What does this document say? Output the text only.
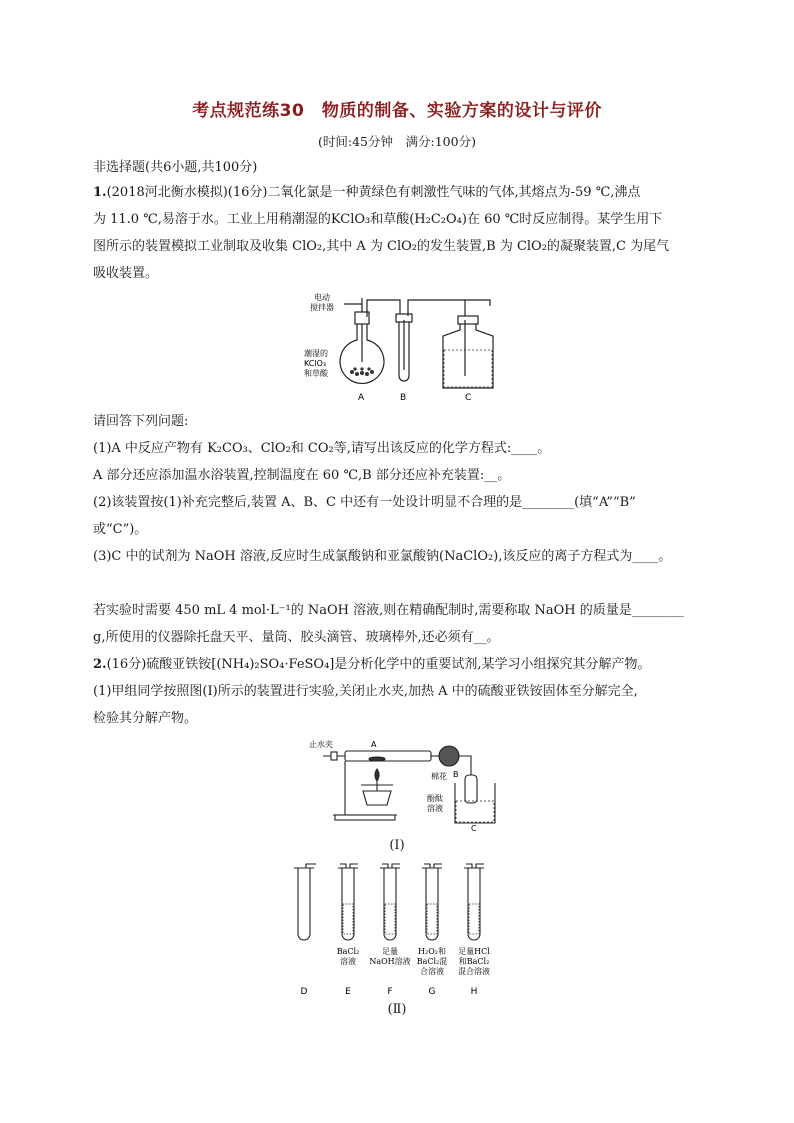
考点规范练30　物质的制备、实验方案的设计与评价
(时间:45分钟　满分:100分)
非选择题(共6小题,共100分)
1.(2018河北衡水模拟)(16分)二氧化氯是一种黄绿色有刺激性气味的气体,其熔点为-59 ℃,沸点
为 11.0 ℃,易溶于水。工业上用稍潮湿的KClO₃和草酸(H₂C₂O₄)在 60 ℃时反应制得。某学生用下
图所示的装置模拟工业制取及收集 ClO₂,其中 A 为 ClO₂的发生装置,B 为 ClO₂的凝聚装置,C 为尾气
吸收装置。
电动
搅拌器
潮湿的
KClO₃
和草酸
A	B	C
请回答下列问题:
(1)A 中反应产物有 K₂CO₃、ClO₂和 CO₂等,请写出该反应的化学方程式:____。
A 部分还应添加温水浴装置,控制温度在 60 ℃,B 部分还应补充装置:__。
(2)该装置按(1)补充完整后,装置 A、B、C 中还有一处设计明显不合理的是________(填“A”“B”
或“C”)。
(3)C 中的试剂为 NaOH 溶液,反应时生成氯酸钠和亚氯酸钠(NaClO₂),该反应的离子方程式为____。
若实验时需要 450 mL 4 mol·L⁻¹的 NaOH 溶液,则在精确配制时,需要称取 NaOH 的质量是________
g,所使用的仪器除托盘天平、量筒、胶头滴管、玻璃棒外,还必须有__。
2.(16分)硫酸亚铁铵[(NH₄)₂SO₄·FeSO₄]是分析化学中的重要试剂,某学习小组探究其分解产物。
(1)甲组同学按照图(Ⅰ)所示的装置进行实验,关闭止水夹,加热 A 中的硫酸亚铁铵固体至分解完全,
检验其分解产物。
止水夹	A
B
棉花
酚酞
溶液
C
(Ⅰ)
BaCl₂
溶液
足量
NaOH溶液
H₂O₂和
BaCl₂混
合溶液
足量HCl
和BaCl₂
混合溶液
D	E	F	G	H
(Ⅱ)
